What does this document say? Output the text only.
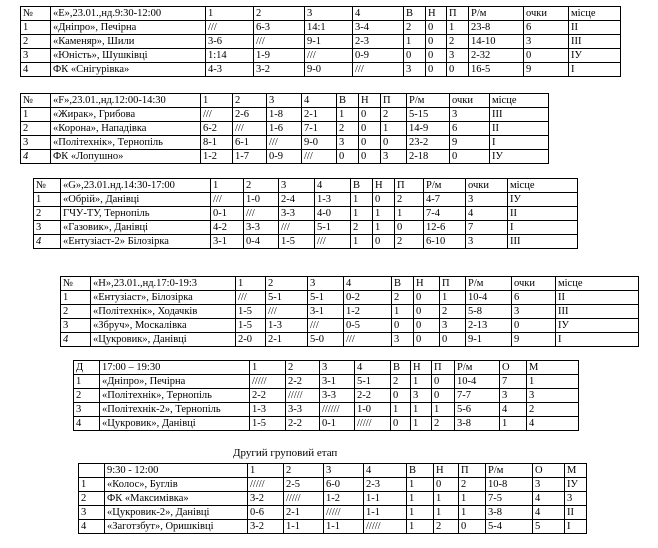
№	«Е»,23.01.,нд.9:30-12:00	1	2	3	4	В	Н	П	Р/м	очки	місце
1	«Дніпро», Печірна	///	6-3	14:1	3-4	2	0	1	23-8	6	ІІ
2	«Каменяр», Шили	3-6	///	9-1	2-3	1	0	2	14-10	3	ІІІ
3	«Юність», Шушківці	1:14	1-9	///	0-9	0	0	3	2-32	0	ІУ
4	ФК «Снігурівка»	4-3	3-2	9-0	///	3	0	0	16-5	9	І
№	«F»,23.01.,нд.12:00-14:30	1	2	3	4	В	Н	П	Р/м	очки	місце
1	«Жирак», Грибова	///	2-6	1-8	2-1	1	0	2	5-15	3	ІІІ
2	«Корона», Нападівка	6-2	///	1-6	7-1	2	0	1	14-9	6	ІІ
3	«Політехнік», Тернопіль	8-1	6-1	///	9-0	3	0	0	23-2	9	І
4	ФК «Лопушно»	1-2	1-7	0-9	///	0	0	3	2-18	0	ІУ
№	«G»,23.01.нд.14:30-17:00	1	2	3	4	В	Н	П	Р/м	очки	місце
1	«Обрій», Данівці	///	1-0	2-4	1-3	1	0	2	4-7	3	ІУ
2	ГЧУ-ТУ, Тернопіль	0-1	///	3-3	4-0	1	1	1	7-4	4	ІІ
3	«Газовик», Данівці	4-2	3-3	///	5-1	2	1	0	12-6	7	І
4	«Ентузіаст-2» Білозірка	3-1	0-4	1-5	///	1	0	2	6-10	3	ІІІ
№	«Н»,23.01.,нд.17:0-19:3	1	2	3	4	В	Н	П	Р/м	очки	місце
1	«Ентузіаст», Білозірка	///	5-1	5-1	0-2	2	0	1	10-4	6	ІІ
2	«Політехнік», Ходачків	1-5	///	3-1	1-2	1	0	2	5-8	3	ІІІ
3	«Збруч», Москалівка	1-5	1-3	///	0-5	0	0	3	2-13	0	ІУ
4	«Цукровик», Данівці	2-0	2-1	5-0	///	3	0	0	9-1	9	І
Д	17:00 – 19:30	1	2	3	4	В	Н	П	Р/м	О	М
1	«Дніпро», Печірна	/////	2-2	3-1	5-1	2	1	0	10-4	7	1
2	«Політехнік», Тернопіль	2-2	/////	3-3	2-2	0	3	0	7-7	3	3
3	«Політехнік-2», Тернопіль	1-3	3-3	//////	1-0	1	1	1	5-6	4	2
4	«Цукровик», Данівці	1-5	2-2	0-1	/////	0	1	2	3-8	1	4
Другий груповий етап
	9:30 - 12:00	1	2	3	4	В	Н	П	Р/м	О	М
1	«Колос», Буглів	/////	2-5	6-0	2-3	1	0	2	10-8	3	ІУ
2	ФК «Максимівка»	3-2	/////	1-2	1-1	1	1	1	7-5	4	3
3	«Цукровик-2», Данівці	0-6	2-1	/////	1-1	1	1	1	3-8	4	ІІ
4	«Заготзбут», Оришківці	3-2	1-1	1-1	/////	1	2	0	5-4	5	І
